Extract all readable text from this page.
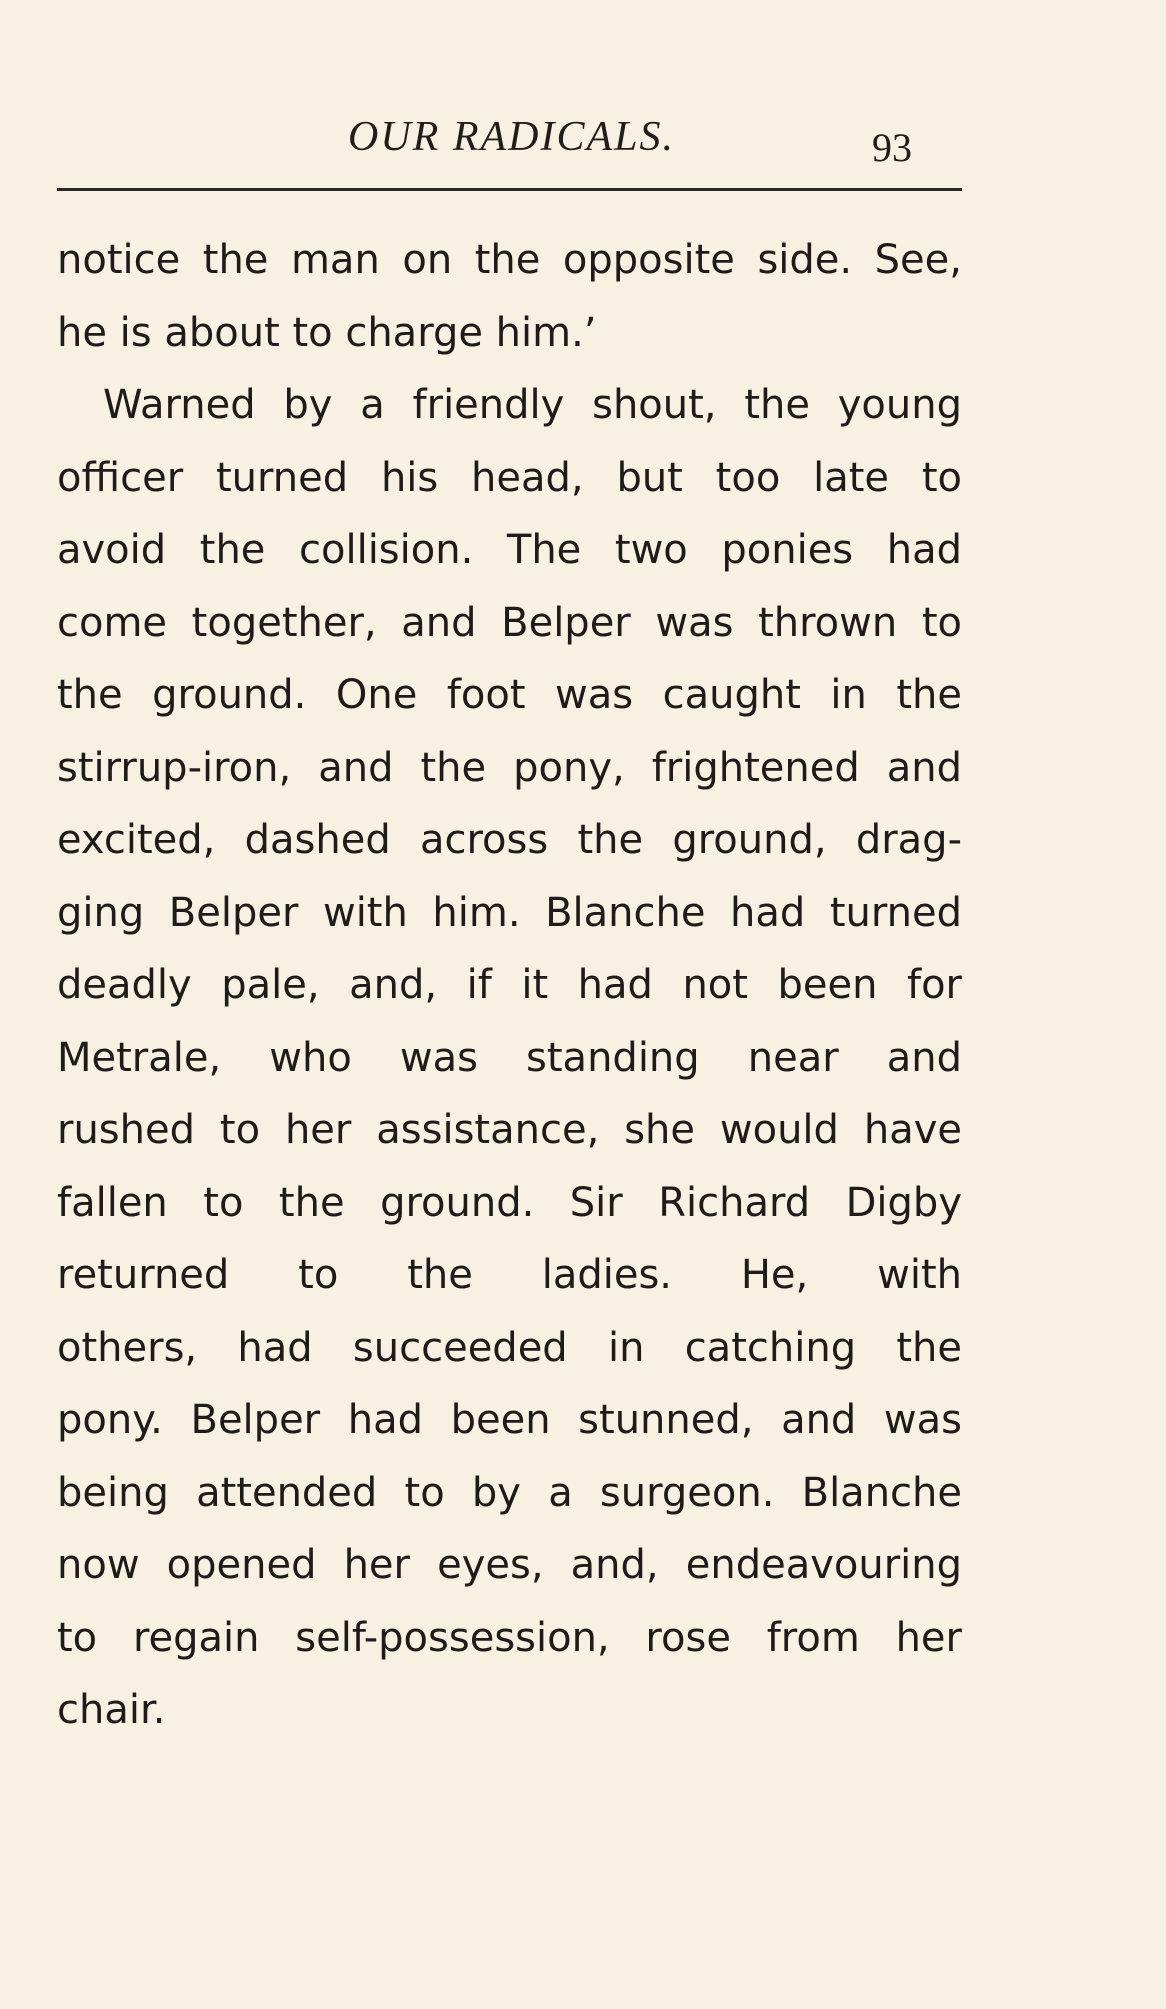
OUR RADICALS.	93
notice the man on the opposite side. See,
he is about to charge him.’
Warned by a friendly shout, the young
officer turned his head, but too late to
avoid the collision. The two ponies had
come together, and Belper was thrown to
the ground. One foot was caught in the
stirrup-iron, and the pony, frightened and
excited, dashed across the ground, drag-
ging Belper with him. Blanche had turned
deadly pale, and, if it had not been for
Metrale, who was standing near and
rushed to her assistance, she would have
fallen to the ground. Sir Richard Digby
returned to the ladies. He, with
others, had succeeded in catching the
pony. Belper had been stunned, and was
being attended to by a surgeon. Blanche
now opened her eyes, and, endeavouring
to regain self-possession, rose from her
chair.
